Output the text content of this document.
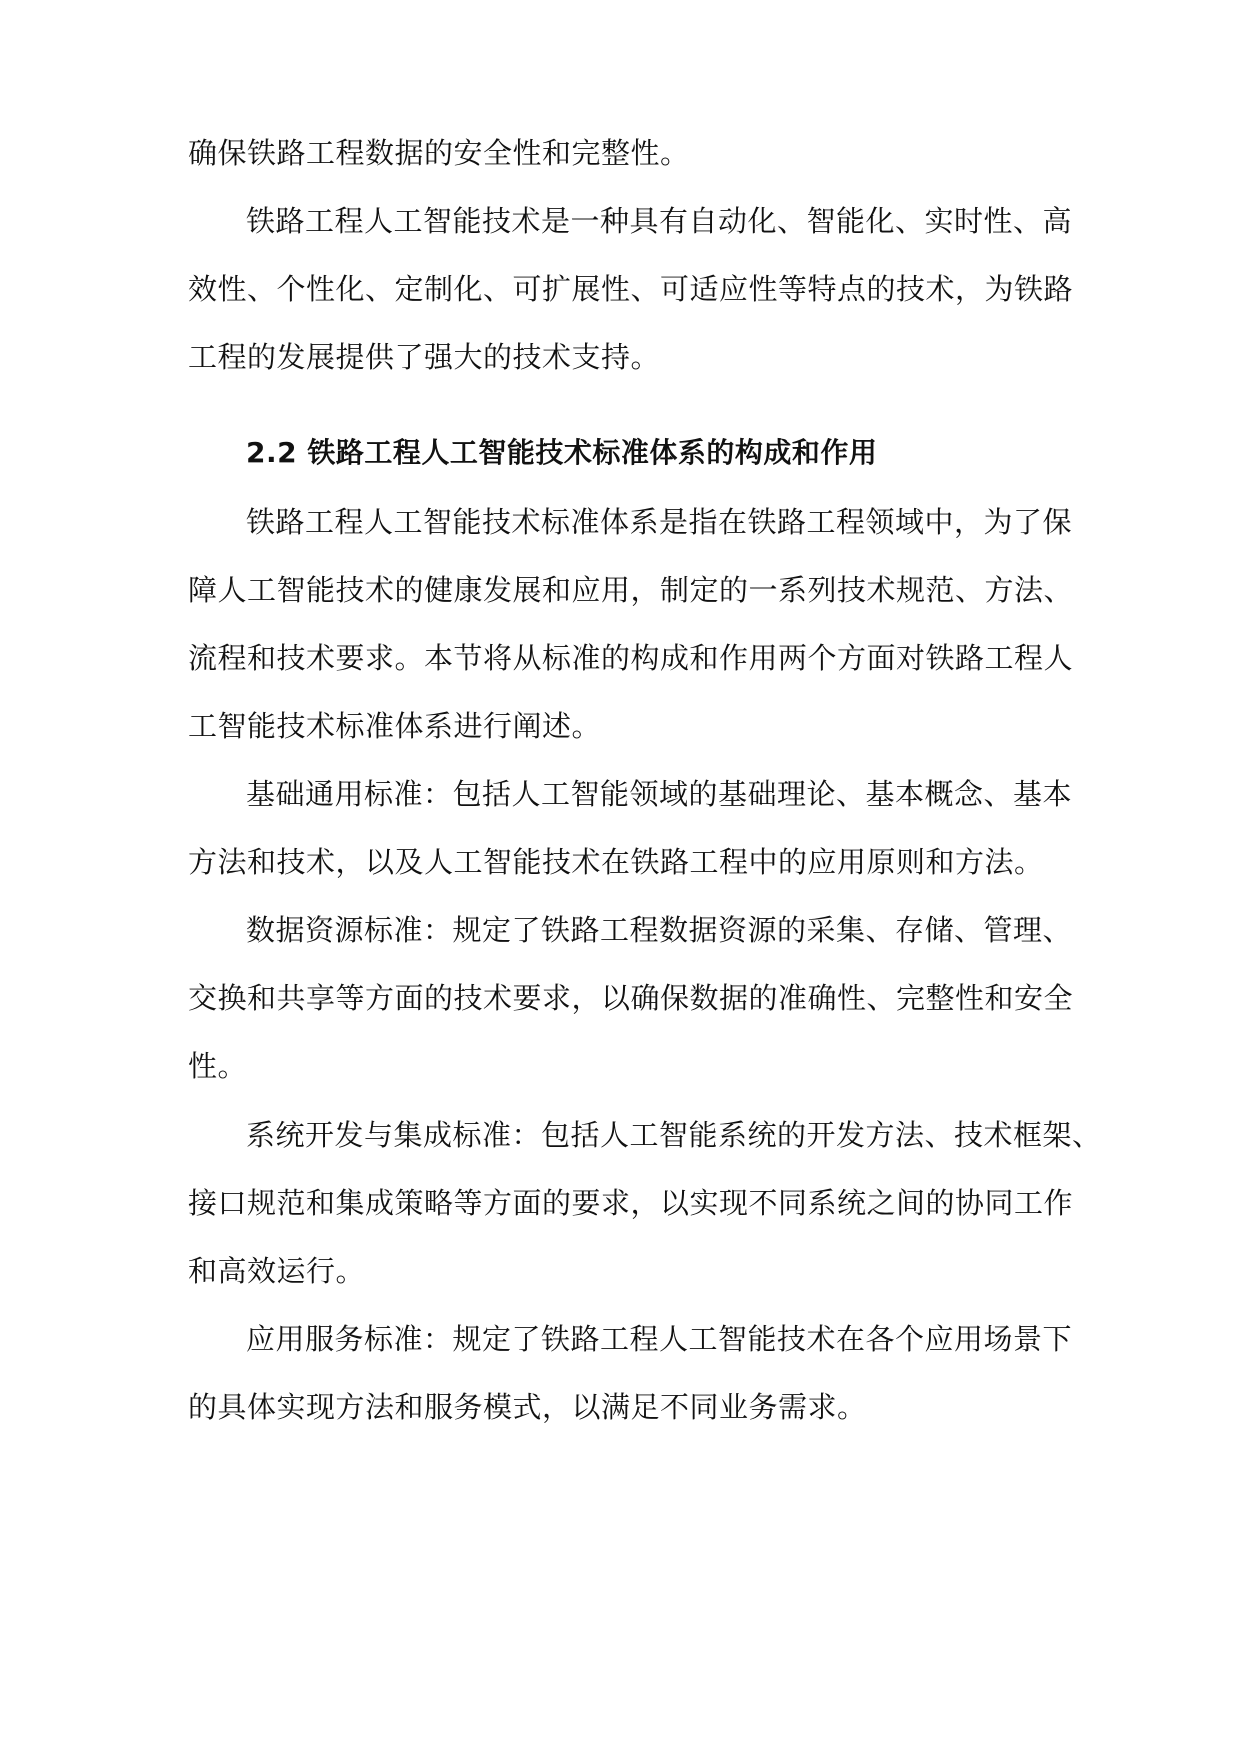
确保铁路工程数据的安全性和完整性。
铁路工程人工智能技术是一种具有自动化、智能化、实时性、高
效性、个性化、定制化、可扩展性、可适应性等特点的技术，为铁路
工程的发展提供了强大的技术支持。
2.2 铁路工程人工智能技术标准体系的构成和作用
铁路工程人工智能技术标准体系是指在铁路工程领域中，为了保
障人工智能技术的健康发展和应用，制定的一系列技术规范、方法、
流程和技术要求。本节将从标准的构成和作用两个方面对铁路工程人
工智能技术标准体系进行阐述。
基础通用标准：包括人工智能领域的基础理论、基本概念、基本
方法和技术，以及人工智能技术在铁路工程中的应用原则和方法。
数据资源标准：规定了铁路工程数据资源的采集、存储、管理、
交换和共享等方面的技术要求，以确保数据的准确性、完整性和安全
性。
系统开发与集成标准：包括人工智能系统的开发方法、技术框架、
接口规范和集成策略等方面的要求，以实现不同系统之间的协同工作
和高效运行。
应用服务标准：规定了铁路工程人工智能技术在各个应用场景下
的具体实现方法和服务模式，以满足不同业务需求。
